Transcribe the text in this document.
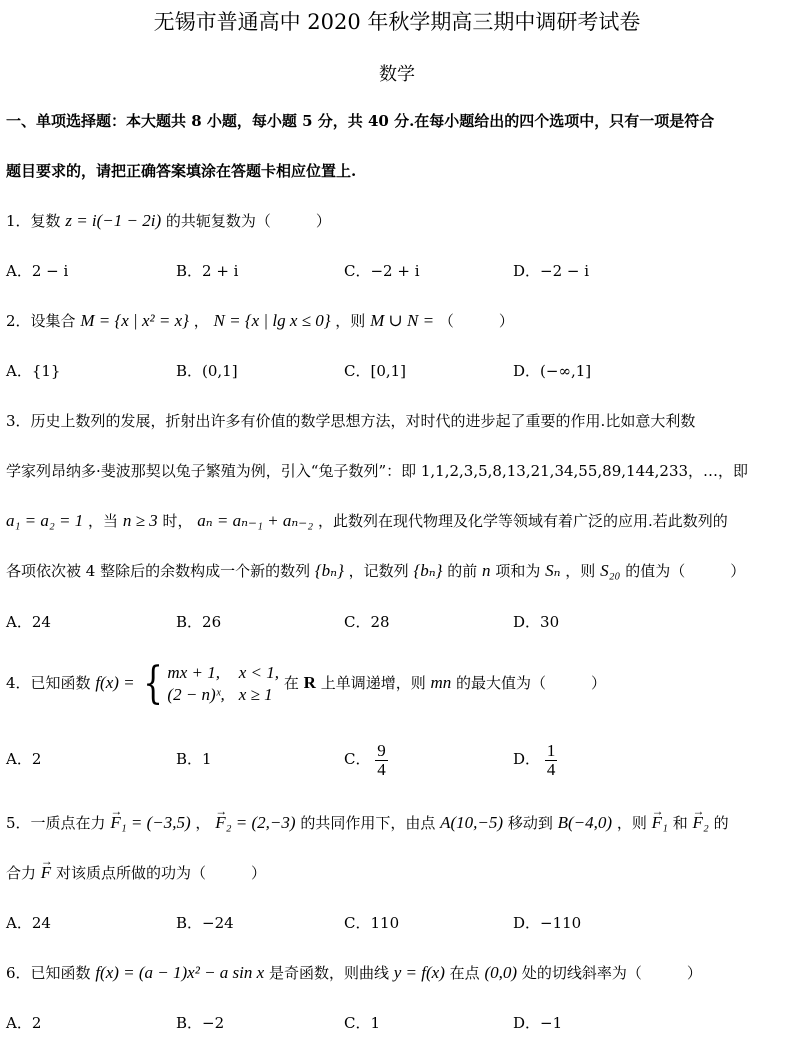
无锡市普通高中 2020 年秋学期高三期中调研考试卷
数学
一、单项选择题：本大题共 8 小题，每小题 5 分，共 40 分.在每小题给出的四个选项中，只有一项是符合
题目要求的，请把正确答案填涂在答题卡相应位置上.
1．复数 z = i(−1 − 2i) 的共轭复数为（　　　）
A．2 − i	B．2 + i	C．−2 + i	D．−2 − i
2．设集合 M = {x | x² = x} ， N = {x | lg x ≤ 0} ，则 M ∪ N = （　　　）
A．{1}	B．(0,1]	C．[0,1]	D．(−∞,1]
3．历史上数列的发展，折射出许多有价值的数学思想方法，对时代的进步起了重要的作用.比如意大利数
学家列昂纳多·斐波那契以兔子繁殖为例，引入“兔子数列”：即 1,1,2,3,5,8,13,21,34,55,89,144,233，…，即
a₁ = a₂ = 1 ，当 n ≥ 3 时， aₙ = aₙ₋₁ + aₙ₋₂ ，此数列在现代物理及化学等领域有着广泛的应用.若此数列的
各项依次被 4 整除后的余数构成一个新的数列 {bₙ} ，记数列 {bₙ} 的前 n 项和为 Sₙ ，则 S₂₀ 的值为（　　　）
A．24	B．26	C．28	D．30
4．已知函数 f(x) = { mx + 1, x < 1,
(2 − n)ˣ, x ≥ 1
在 R 上单调递增，则 mn 的最大值为（　　　）
A．2	B．1	C． $\frac{9}{4}$	D． $\frac{1}{4}$
5．一质点在力 → F₁ = (−3,5) ， → F₂ = (2,−3) 的共同作用下，由点 A(10,−5) 移动到 B(−4,0) ，则 → F₁ 和 → F₂ 的
合力 → F 对该质点所做的功为（　　　）
A．24	B．−24	C．110	D．−110
6．已知函数 f(x) = (a − 1)x² − a sin x 是奇函数，则曲线 y = f(x) 在点 (0,0) 处的切线斜率为（　　　）
A．2	B．−2	C．1	D．−1
